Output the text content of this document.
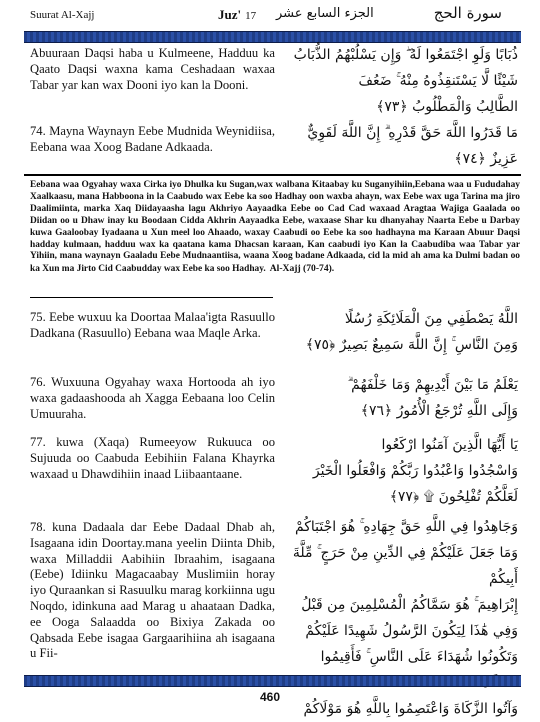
Suurat Al-Xajj	Juz' 17 الجزء السابع عشر	سورة الحج
Abuuraan Daqsi haba u Kulmeene, Hadduu ka Qaato Daqsi waxna kama Ceshadaan waxaa Tabar yar kan wax Dooni iyo kan la Dooni.
ذُبَابًا وَلَوِ اجْتَمَعُوا لَهُ ۖ وَإِن يَسْلُبْهُمُ الذُّبَابُ
شَيْئًا لَّا يَسْتَنقِذُوهُ مِنْهُ ۚ ضَعُفَ
الطَّالِبُ وَالْمَطْلُوبُ ﴿٧٣﴾
74. Mayna Waynayn Eebe Mudnida Weynidiisa, Eebana waa Xoog Badane Adkaada.
مَا قَدَرُوا اللَّهَ حَقَّ قَدْرِهِ ۗ إِنَّ اللَّهَ لَقَوِيٌّ
عَزِيزٌ ﴿٧٤﴾
Eebana waa Ogyahay waxa Cirka iyo Dhulka ku Sugan,wax walbana Kitaabay ku Suganyihiin,Eebana waa u Fududahay Xaalkaasu, mana Habboona in la Caabudo wax Eebe ka soo Hadhay oon waxba ahayn, wax Eebe wax uga Tarina ma jiro Daalimiinta, marka Xaq Diidayaasha lagu Akhriyo Aayaadka Eebe oo Cad Cad waxaad Aragtaa Wajiga Gaalada oo Diidan oo u Dhaw inay ku Boodaan Cidda Akhrin Aayaadka Eebe, waxaase Shar ku dhanyahay Naarta Eebe u Darbay kuwa Gaaloobay Iyadaana u Xun meel loo Ahaado, waxay Caabudi oo Eebe ka soo hadhayna ma Karaan Abuur Daqsi hadday kulmaan, hadduu wax ka qaatana kama Dhacsan karaan, Kan caabudi iyo Kan la Caabudiba waa Tabar yar Yihiin, mana waynayn Gaaladu Eebe Mudnaantiisa, waana Xoog badane Adkaada, cid la mid ah ama ka Dulmi badan oo ka Xun ma Jirto Cid Caabudday wax Eebe ka soo Hadhay. Al-Xajj (70-74).
75. Eebe wuxuu ka Doortaa Malaa'igta Rasuullo Dadkana (Rasuullo) Eebana waa Maqle Arka.
اللَّهُ يَصْطَفِي مِنَ الْمَلَائِكَةِ رُسُلًا
وَمِنَ النَّاسِ ۚ إِنَّ اللَّهَ سَمِيعٌ بَصِيرٌ ﴿٧٥﴾
76. Wuxuuna Ogyahay waxa Hortooda ah iyo waxa gadaashooda ah Xagga Eebaana loo Celin Umuuraha.
يَعْلَمُ مَا بَيْنَ أَيْدِيهِمْ وَمَا خَلْفَهُمْ ۗ
وَإِلَى اللَّهِ تُرْجَعُ الْأُمُورُ ﴿٧٦﴾
77. kuwa (Xaqa) Rumeeyow Rukuuca oo Sujuuda oo Caabuda Eebihiin Falana Khayrka waxaad u Dhawdihiin inaad Liibaantaane.
يَا أَيُّهَا الَّذِينَ آمَنُوا ارْكَعُوا
وَاسْجُدُوا وَاعْبُدُوا رَبَّكُمْ وَافْعَلُوا الْخَيْرَ
لَعَلَّكُمْ تُفْلِحُونَ ۩ ﴿٧٧﴾
78. kuna Dadaala dar Eebe Dadaal Dhab ah, Isagaana idin Doortay.mana yeelin Diinta Dhib, waxa Milladdii Aabihiin Ibraahim, isagaana (Eebe) Idiinku Magacaabay Muslimiin horay iyo Quraankan si Rasuulku marag korkiinna ugu Noqdo, idinkuna aad Marag u ahaataan Dadka, ee Ooga Salaadda oo Bixiya Zakada oo Qabsada Eebe isagaa Gargaarihiina ah isagaana u Fii-
وَجَاهِدُوا فِي اللَّهِ حَقَّ جِهَادِهِ ۚ هُوَ اجْتَبَاكُمْ
وَمَا جَعَلَ عَلَيْكُمْ فِي الدِّينِ مِنْ حَرَجٍ ۚ مِّلَّةَ أَبِيكُمْ
إِبْرَاهِيمَ ۚ هُوَ سَمَّاكُمُ الْمُسْلِمِينَ مِن قَبْلُ
وَفِي هَٰذَا لِيَكُونَ الرَّسُولُ شَهِيدًا عَلَيْكُمْ
وَتَكُونُوا شُهَدَاءَ عَلَى النَّاسِ ۚ فَأَقِيمُوا
وَآتُوا الزَّكَاةَ وَاعْتَصِمُوا بِاللَّهِ هُوَ مَوْلَاكُمْ
460
